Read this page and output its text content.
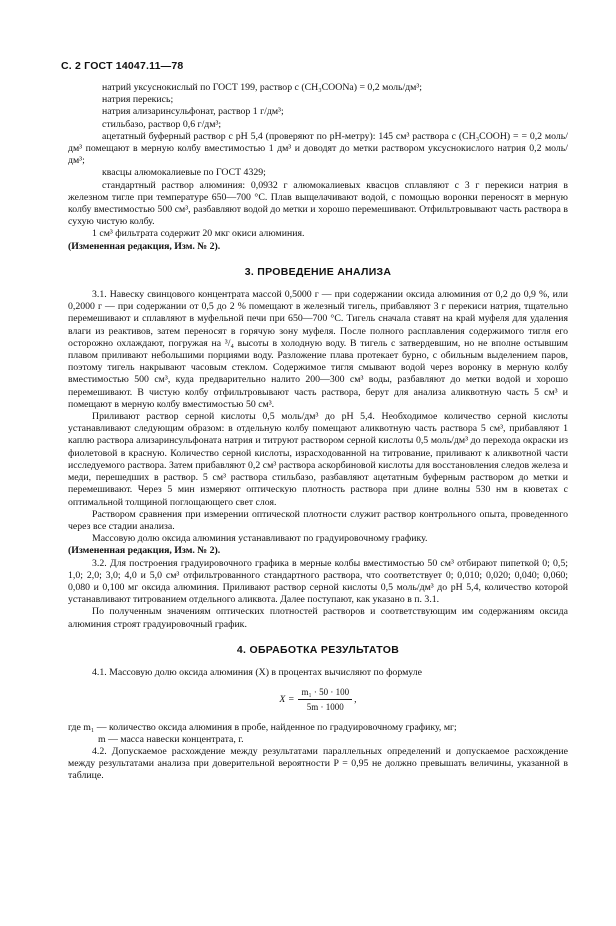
С. 2 ГОСТ 14047.11—78

натрий уксуснокислый по ГОСТ 199, раствор с (CH₃COONa) = 0,2 моль/дм³;

натрия перекись;

натрия ализаринсульфонат, раствор 1 г/дм³;

стильбазо, раствор 0,6 г/дм³;

ацетатный буферный раствор с pH 5,4 (проверяют по pH-метру): 145 см³ раствора с (CH₃COOH) = = 0,2 моль/дм³ помещают в мерную колбу вместимостью 1 дм³ и доводят до метки раствором уксуснокислого натрия 0,2 моль/дм³;

квасцы алюмокалиевые по ГОСТ 4329;

стандартный раствор алюминия: 0,0932 г алюмокалиевых квасцов сплавляют с 3 г перекиси натрия в железном тигле при температуре 650—700 °С. Плав выщелачивают водой, с помощью воронки переносят в мерную колбу вместимостью 500 см³, разбавляют водой до метки и хорошо перемешивают. Отфильтровывают часть раствора в сухую чистую колбу.

1 см³ фильтрата содержит 20 мкг окиси алюминия.

(Измененная редакция, Изм. № 2).

3. ПРОВЕДЕНИЕ АНАЛИЗА

3.1. Навеску свинцового концентрата массой 0,5000 г — при содержании оксида алюминия от 0,2 до 0,9 %, или 0,2000 г — при содержании от 0,5 до 2 % помещают в железный тигель, прибавляют 3 г перекиси натрия, тщательно перемешивают и сплавляют в муфельной печи при 650—700 °С. Тигель сначала ставят на край муфеля для удаления влаги из реактивов, затем переносят в горячую зону муфеля. После полного расплавления содержимого тигля его осторожно охлаждают, погружая на ³/₄ высоты в холодную воду. В тигель с затвердевшим, но не вполне остывшим плавом приливают небольшими порциями воду. Разложение плава протекает бурно, с обильным выделением паров, поэтому тигель накрывают часовым стеклом. Содержимое тигля смывают водой через воронку в мерную колбу вместимостью 500 см³, куда предварительно налито 200—300 см³ воды, разбавляют до метки водой и хорошо перемешивают. В чистую колбу отфильтровывают часть раствора, берут для анализа аликвотную часть 5 см³ и помещают в мерную колбу вместимостью 50 см³.

Приливают раствор серной кислоты 0,5 моль/дм³ до pH 5,4. Необходимое количество серной кислоты устанавливают следующим образом: в отдельную колбу помещают аликвотную часть раствора 5 см³, прибавляют 1 каплю раствора ализаринсульфоната натрия и титруют раствором серной кислоты 0,5 моль/дм³ до перехода окраски из фиолетовой в красную. Количество серной кислоты, израсходованной на титрование, приливают к аликвотной части исследуемого раствора. Затем прибавляют 0,2 см³ раствора аскорбиновой кислоты для восстановления следов железа и меди, перешедших в раствор. 5 см³ раствора стильбазо, разбавляют ацетатным буферным раствором до метки и перемешивают. Через 5 мин измеряют оптическую плотность раствора при длине волны 530 нм в кюветах с оптимальной толщиной поглощающего свет слоя.

Раствором сравнения при измерении оптической плотности служит раствор контрольного опыта, проведенного через все стадии анализа.

Массовую долю оксида алюминия устанавливают по градуировочному графику.

(Измененная редакция, Изм. № 2).

3.2. Для построения градуировочного графика в мерные колбы вместимостью 50 см³ отбирают пипеткой 0; 0,5; 1,0; 2,0; 3,0; 4,0 и 5,0 см³ отфильтрованного стандартного раствора, что соответствует 0; 0,010; 0,020; 0,040; 0,060; 0,080 и 0,100 мг оксида алюминия. Приливают раствор серной кислоты 0,5 моль/дм³ до pH 5,4, количество которой устанавливают титрованием отдельного аликвота. Далее поступают, как указано в п. 3.1.

По полученным значениям оптических плотностей растворов и соответствующим им содержаниям оксида алюминия строят градуировочный график.

4. ОБРАБОТКА РЕЗУЛЬТАТОВ

4.1. Массовую долю оксида алюминия (X) в процентах вычисляют по формуле

$X = \frac{\text{m₁ · 50 · 100}}{5m \cdot 1000}$ ,

где m₁ — количество оксида алюминия в пробе, найденное по градуировочному графику, мг;

m — масса навески концентрата, г.

4.2. Допускаемое расхождение между результатами параллельных определений и допускаемое расхождение между результатами анализа при доверительной вероятности P = 0,95 не должно превышать величины, указанной в таблице.
